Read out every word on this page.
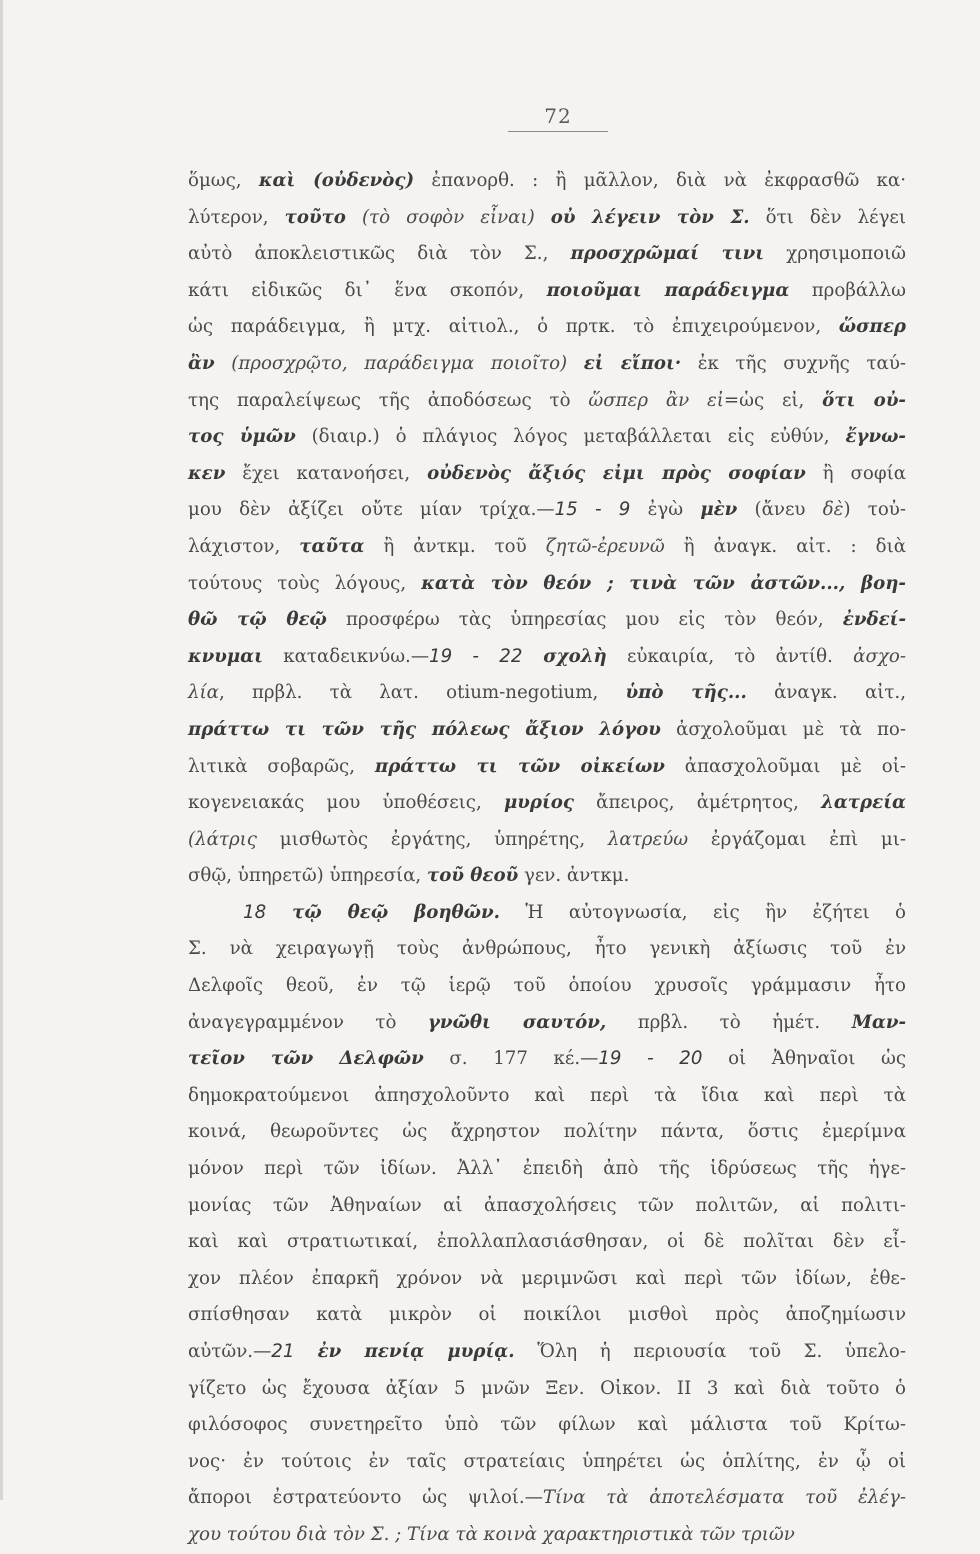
72
ὅμως, καὶ (οὐδενὸς) ἐπανορθ. : ἢ μᾶλλον, διὰ νὰ ἐκφρασθῶ κα·
λύτερον, τοῦτο (τὸ σοφὸν εἶναι) οὐ λέγειν τὸν Σ. ὅτι δὲν λέγει
αὐτὸ ἀποκλειστικῶς διὰ τὸν Σ., προσχρῶμαί τινι χρησιμοποιῶ
κάτι εἰδικῶς δι᾽ ἕνα σκοπόν, ποιοῦμαι παράδειγμα προβάλλω
ὡς παράδειγμα, ἢ μτχ. αἰτιολ., ὁ πρτκ. τὸ ἐπιχειρούμενον, ὥσπερ
ἂν (προσχρῷτο, παράδειγμα ποιοῖτο) εἰ εἴποι· ἐκ τῆς συχνῆς ταύ-
της παραλείψεως τῆς ἀποδόσεως τὸ ὥσπερ ἂν εἰ=ὡς εἰ, ὅτι οὐ-
τος ὑμῶν (διαιρ.) ὁ πλάγιος λόγος μεταβάλλεται εἰς εὐθύν, ἔγνω-
κεν ἔχει κατανοήσει, οὐδενὸς ἄξιός εἰμι πρὸς σοφίαν ἢ σοφία
μου δὲν ἀξίζει οὔτε μίαν τρίχα.—15 - 9 ἐγὼ μὲν (ἄνευ δὲ) τοὐ-
λάχιστον, ταῦτα ἢ ἀντκμ. τοῦ ζητῶ-ἐρευνῶ ἢ ἀναγκ. αἰτ. : διὰ
τούτους τοὺς λόγους, κατὰ τὸν θεόν ; τινὰ τῶν ἀστῶν..., βοη-
θῶ τῷ θεῷ προσφέρω τὰς ὑπηρεσίας μου εἰς τὸν θεόν, ἐνδεί-
κνυμαι καταδεικνύω.—19 - 22 σχολὴ εὐκαιρία, τὸ ἀντίθ. ἀσχο-
λία, πρβλ. τὰ λατ. otium-negotium, ὑπὸ τῆς... ἀναγκ. αἰτ.,
πράττω τι τῶν τῆς πόλεως ἄξιον λόγου ἀσχολοῦμαι μὲ τὰ πο-
λιτικὰ σοβαρῶς, πράττω τι τῶν οἰκείων ἀπασχολοῦμαι μὲ οἰ-
κογενειακάς μου ὑποθέσεις, μυρίος ἄπειρος, ἀμέτρητος, λατρεία
(λάτρις μισθωτὸς ἐργάτης, ὑπηρέτης, λατρεύω ἐργάζομαι ἐπὶ μι-
σθῷ, ὑπηρετῶ) ὑπηρεσία, τοῦ θεοῦ γεν. ἀντκμ.
18 τῷ θεῷ βοηθῶν. Ἡ αὐτογνωσία, εἰς ἣν ἐζήτει ὁ
Σ. νὰ χειραγωγῇ τοὺς ἀνθρώπους, ἦτο γενικὴ ἀξίωσις τοῦ ἐν
Δελφοῖς θεοῦ, ἐν τῷ ἱερῷ τοῦ ὁποίου χρυσοῖς γράμμασιν ἦτο
ἀναγεγραμμένον τὸ γνῶθι σαυτόν, πρβλ. τὸ ἡμέτ. Μαν-
τεῖον τῶν Δελφῶν σ. 177 κέ.—19 - 20 οἱ Ἀθηναῖοι ὡς
δημοκρατούμενοι ἀπησχολοῦντο καὶ περὶ τὰ ἴδια καὶ περὶ τὰ
κοινά, θεωροῦντες ὡς ἄχρηστον πολίτην πάντα, ὅστις ἐμερίμνα
μόνον περὶ τῶν ἰδίων. Ἀλλ᾽ ἐπειδὴ ἀπὸ τῆς ἱδρύσεως τῆς ἡγε-
μονίας τῶν Ἀθηναίων αἱ ἀπασχολήσεις τῶν πολιτῶν, αἱ πολιτι-
καὶ καὶ στρατιωτικαί, ἐπολλαπλασιάσθησαν, οἱ δὲ πολῖται δὲν εἶ-
χον πλέον ἐπαρκῆ χρόνον νὰ μεριμνῶσι καὶ περὶ τῶν ἰδίων, ἐθε-
σπίσθησαν κατὰ μικρὸν οἱ ποικίλοι μισθοὶ πρὸς ἀποζημίωσιν
αὐτῶν.—21 ἐν πενίᾳ μυρίᾳ. Ὅλη ἡ περιουσία τοῦ Σ. ὑπελο-
γίζετο ὡς ἔχουσα ἀξίαν 5 μνῶν Ξεν. Οἰκον. ΙΙ 3 καὶ διὰ τοῦτο ὁ
φιλόσοφος συνετηρεῖτο ὑπὸ τῶν φίλων καὶ μάλιστα τοῦ Κρίτω-
νος· ἐν τούτοις ἐν ταῖς στρατείαις ὑπηρέτει ὡς ὁπλίτης, ἐν ᾧ οἱ
ἄποροι ἐστρατεύοντο ὡς ψιλοί.—Τίνα τὰ ἀποτελέσματα τοῦ ἐλέγ-
χου τούτου διὰ τὸν Σ. ; Τίνα τὰ κοινὰ χαρακτηριστικὰ τῶν τριῶν
